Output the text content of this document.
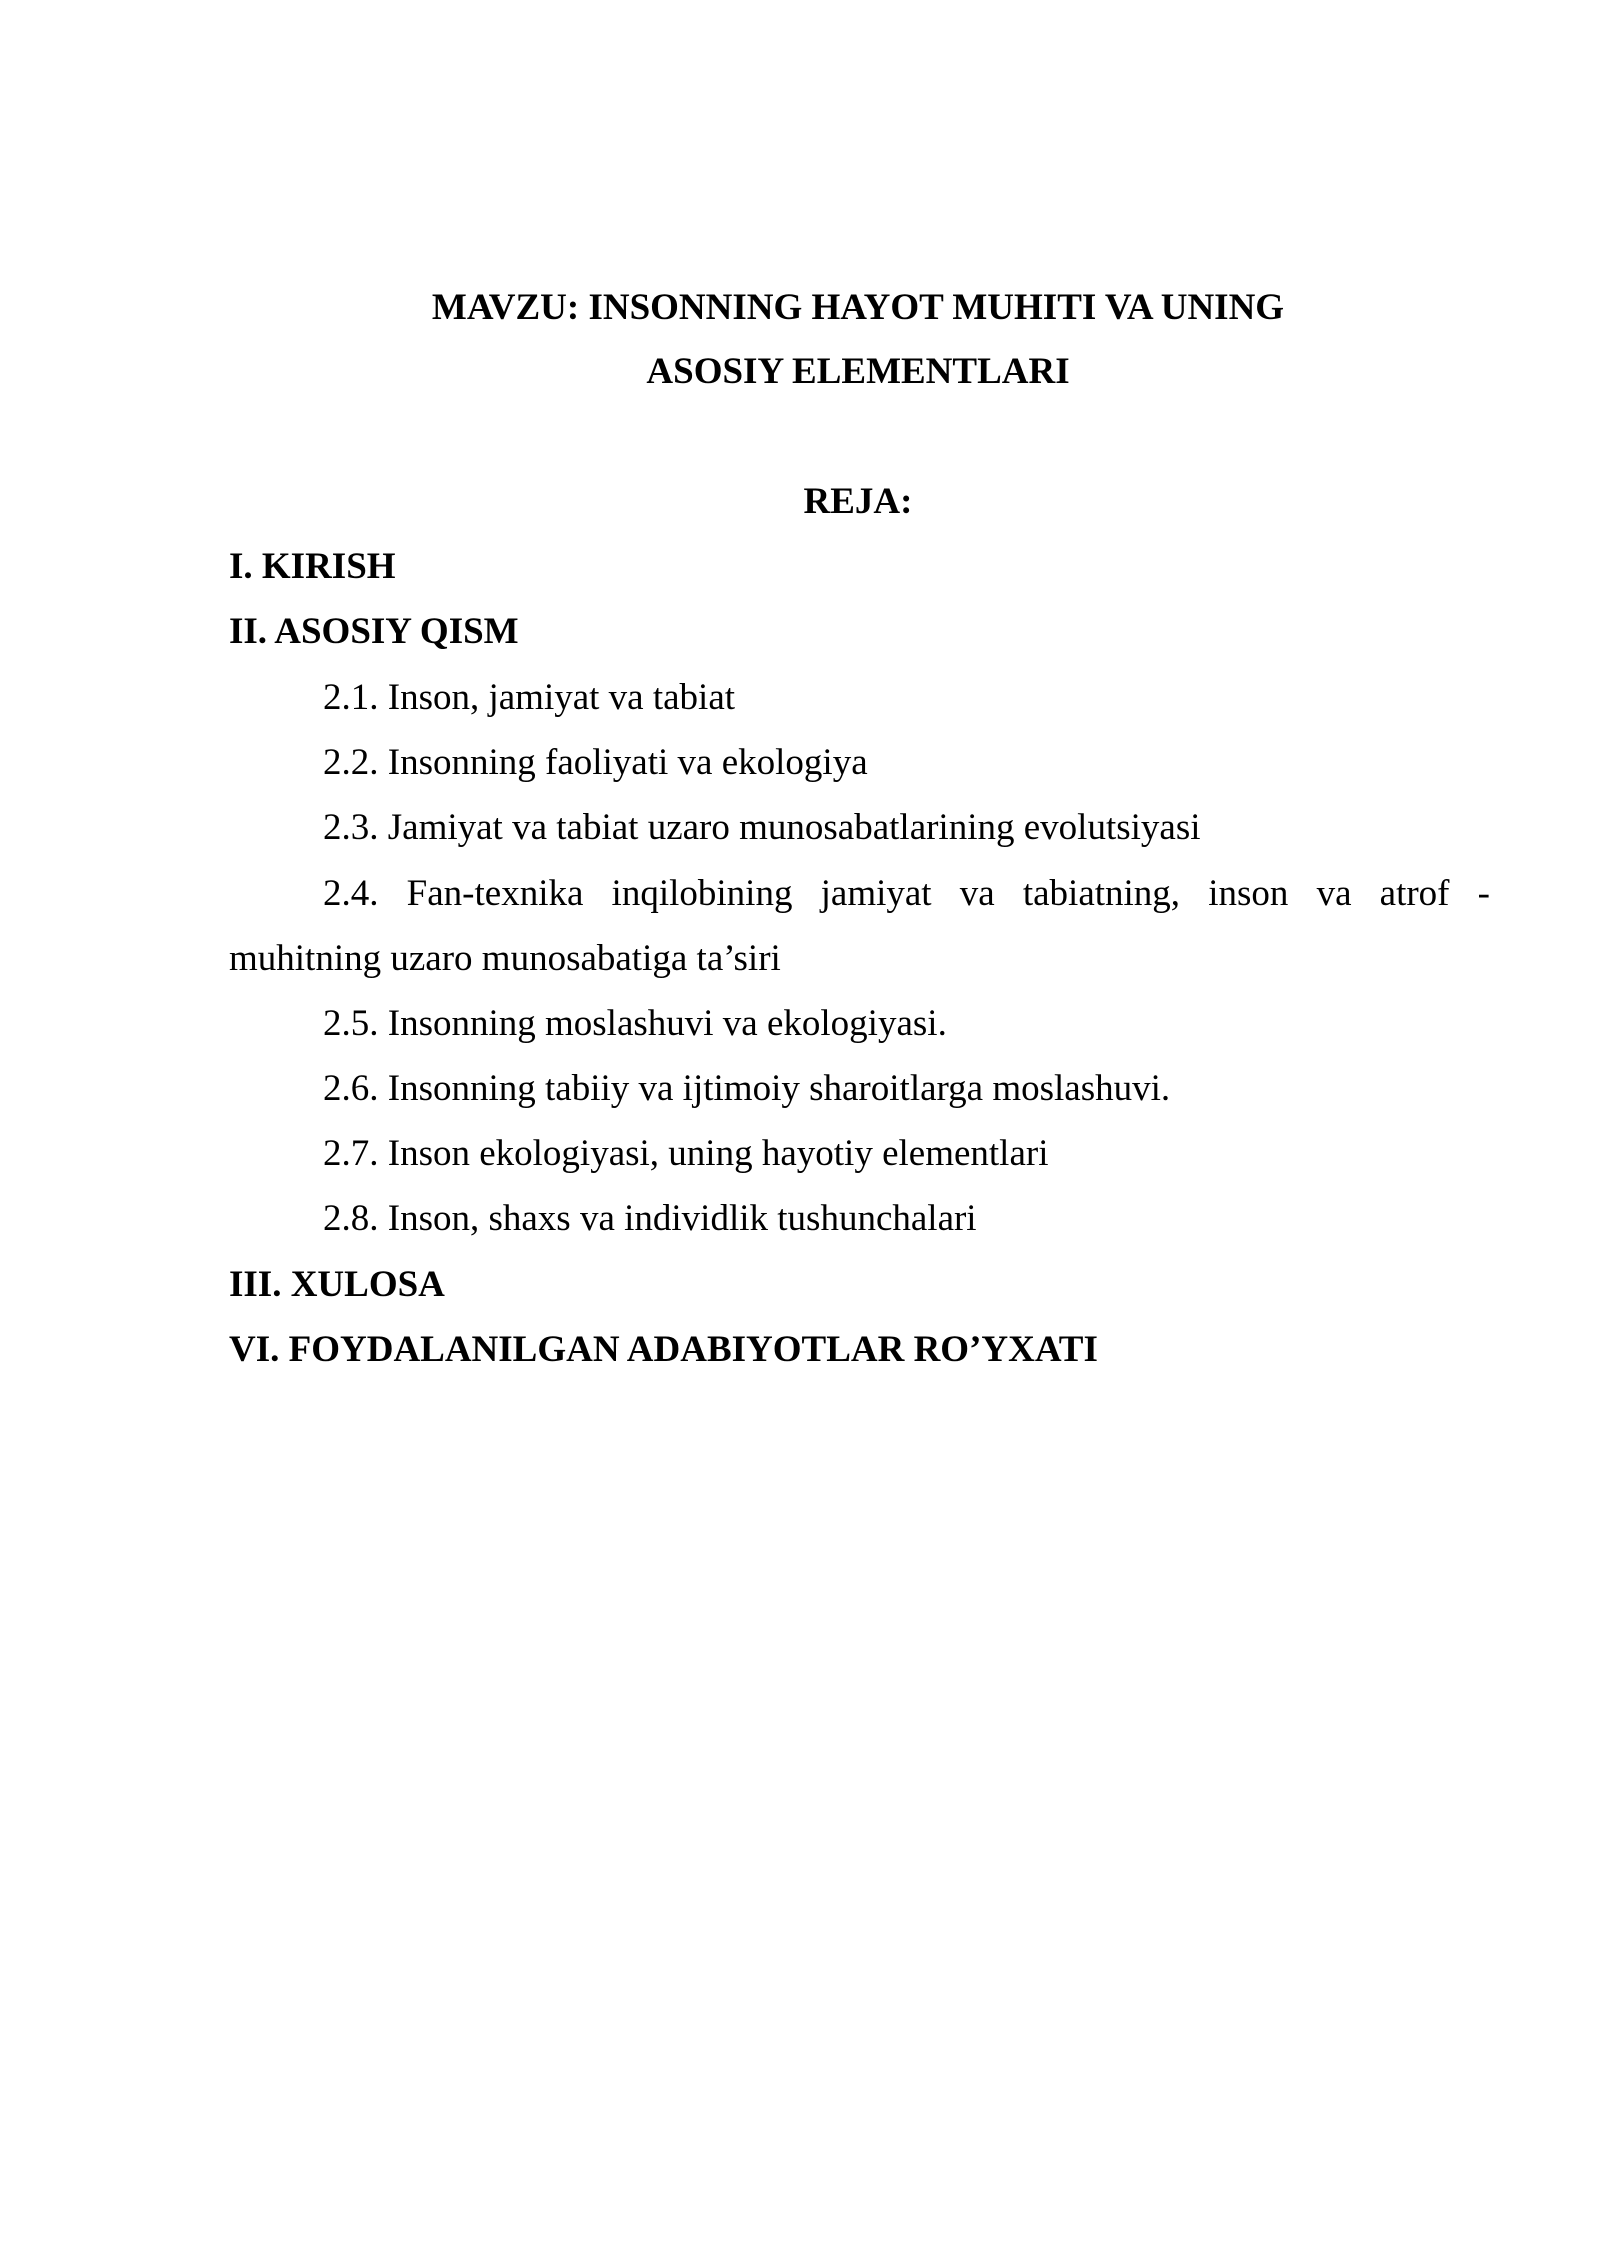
MAVZU: INSONNING HAYOT MUHITI VA UNING
ASOSIY ELEMENTLARI
REJA:
I. KIRISH
II. ASOSIY QISM
2.1. Inson, jamiyat va tabiat
2.2. Insonning faoliyati va ekologiya
2.3. Jamiyat va tabiat uzaro munosabatlarining evolutsiyasi
2.4. Fan-texnika inqilobining jamiyat va tabiatning, inson va atrof -
muhitning uzaro munosabatiga ta’siri
2.5. Insonning moslashuvi va ekologiyasi.
2.6. Insonning tabiiy va ijtimoiy sharoitlarga moslashuvi.
2.7. Inson ekologiyasi, uning hayotiy elementlari
2.8. Inson, shaxs va individlik tushunchalari
III. XULOSA
VI. FOYDALANILGAN ADABIYOTLAR RO’YXATI
